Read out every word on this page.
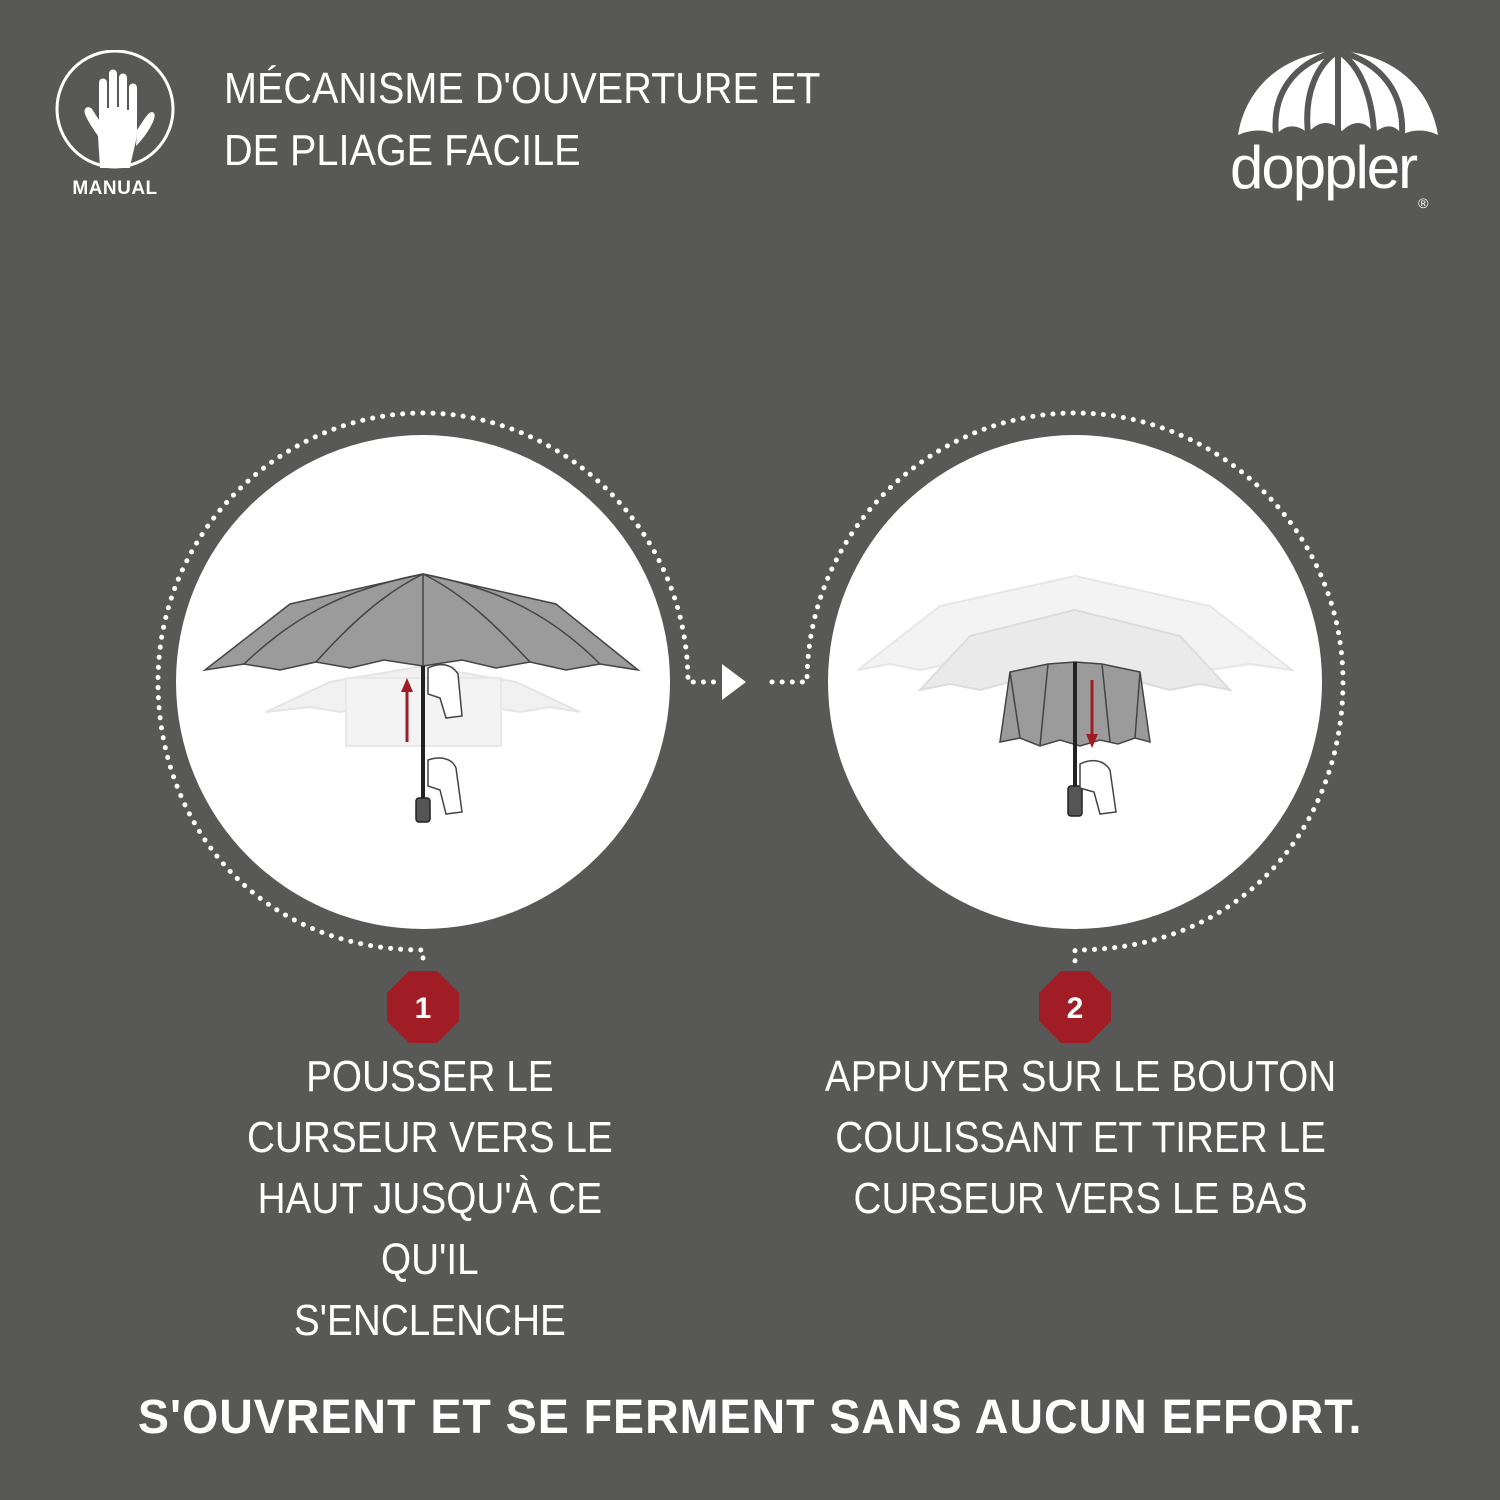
MANUAL
MÉCANISME D'OUVERTURE ET
DE PLIAGE FACILE	doppler®
1	2
POUSSER LE
CURSEUR VERS LE
HAUT JUSQU'À CE
QU'IL
S'ENCLENCHE
APPUYER SUR LE BOUTON
COULISSANT ET TIRER LE
CURSEUR VERS LE BAS
S'OUVRENT ET SE FERMENT SANS AUCUN EFFORT.
